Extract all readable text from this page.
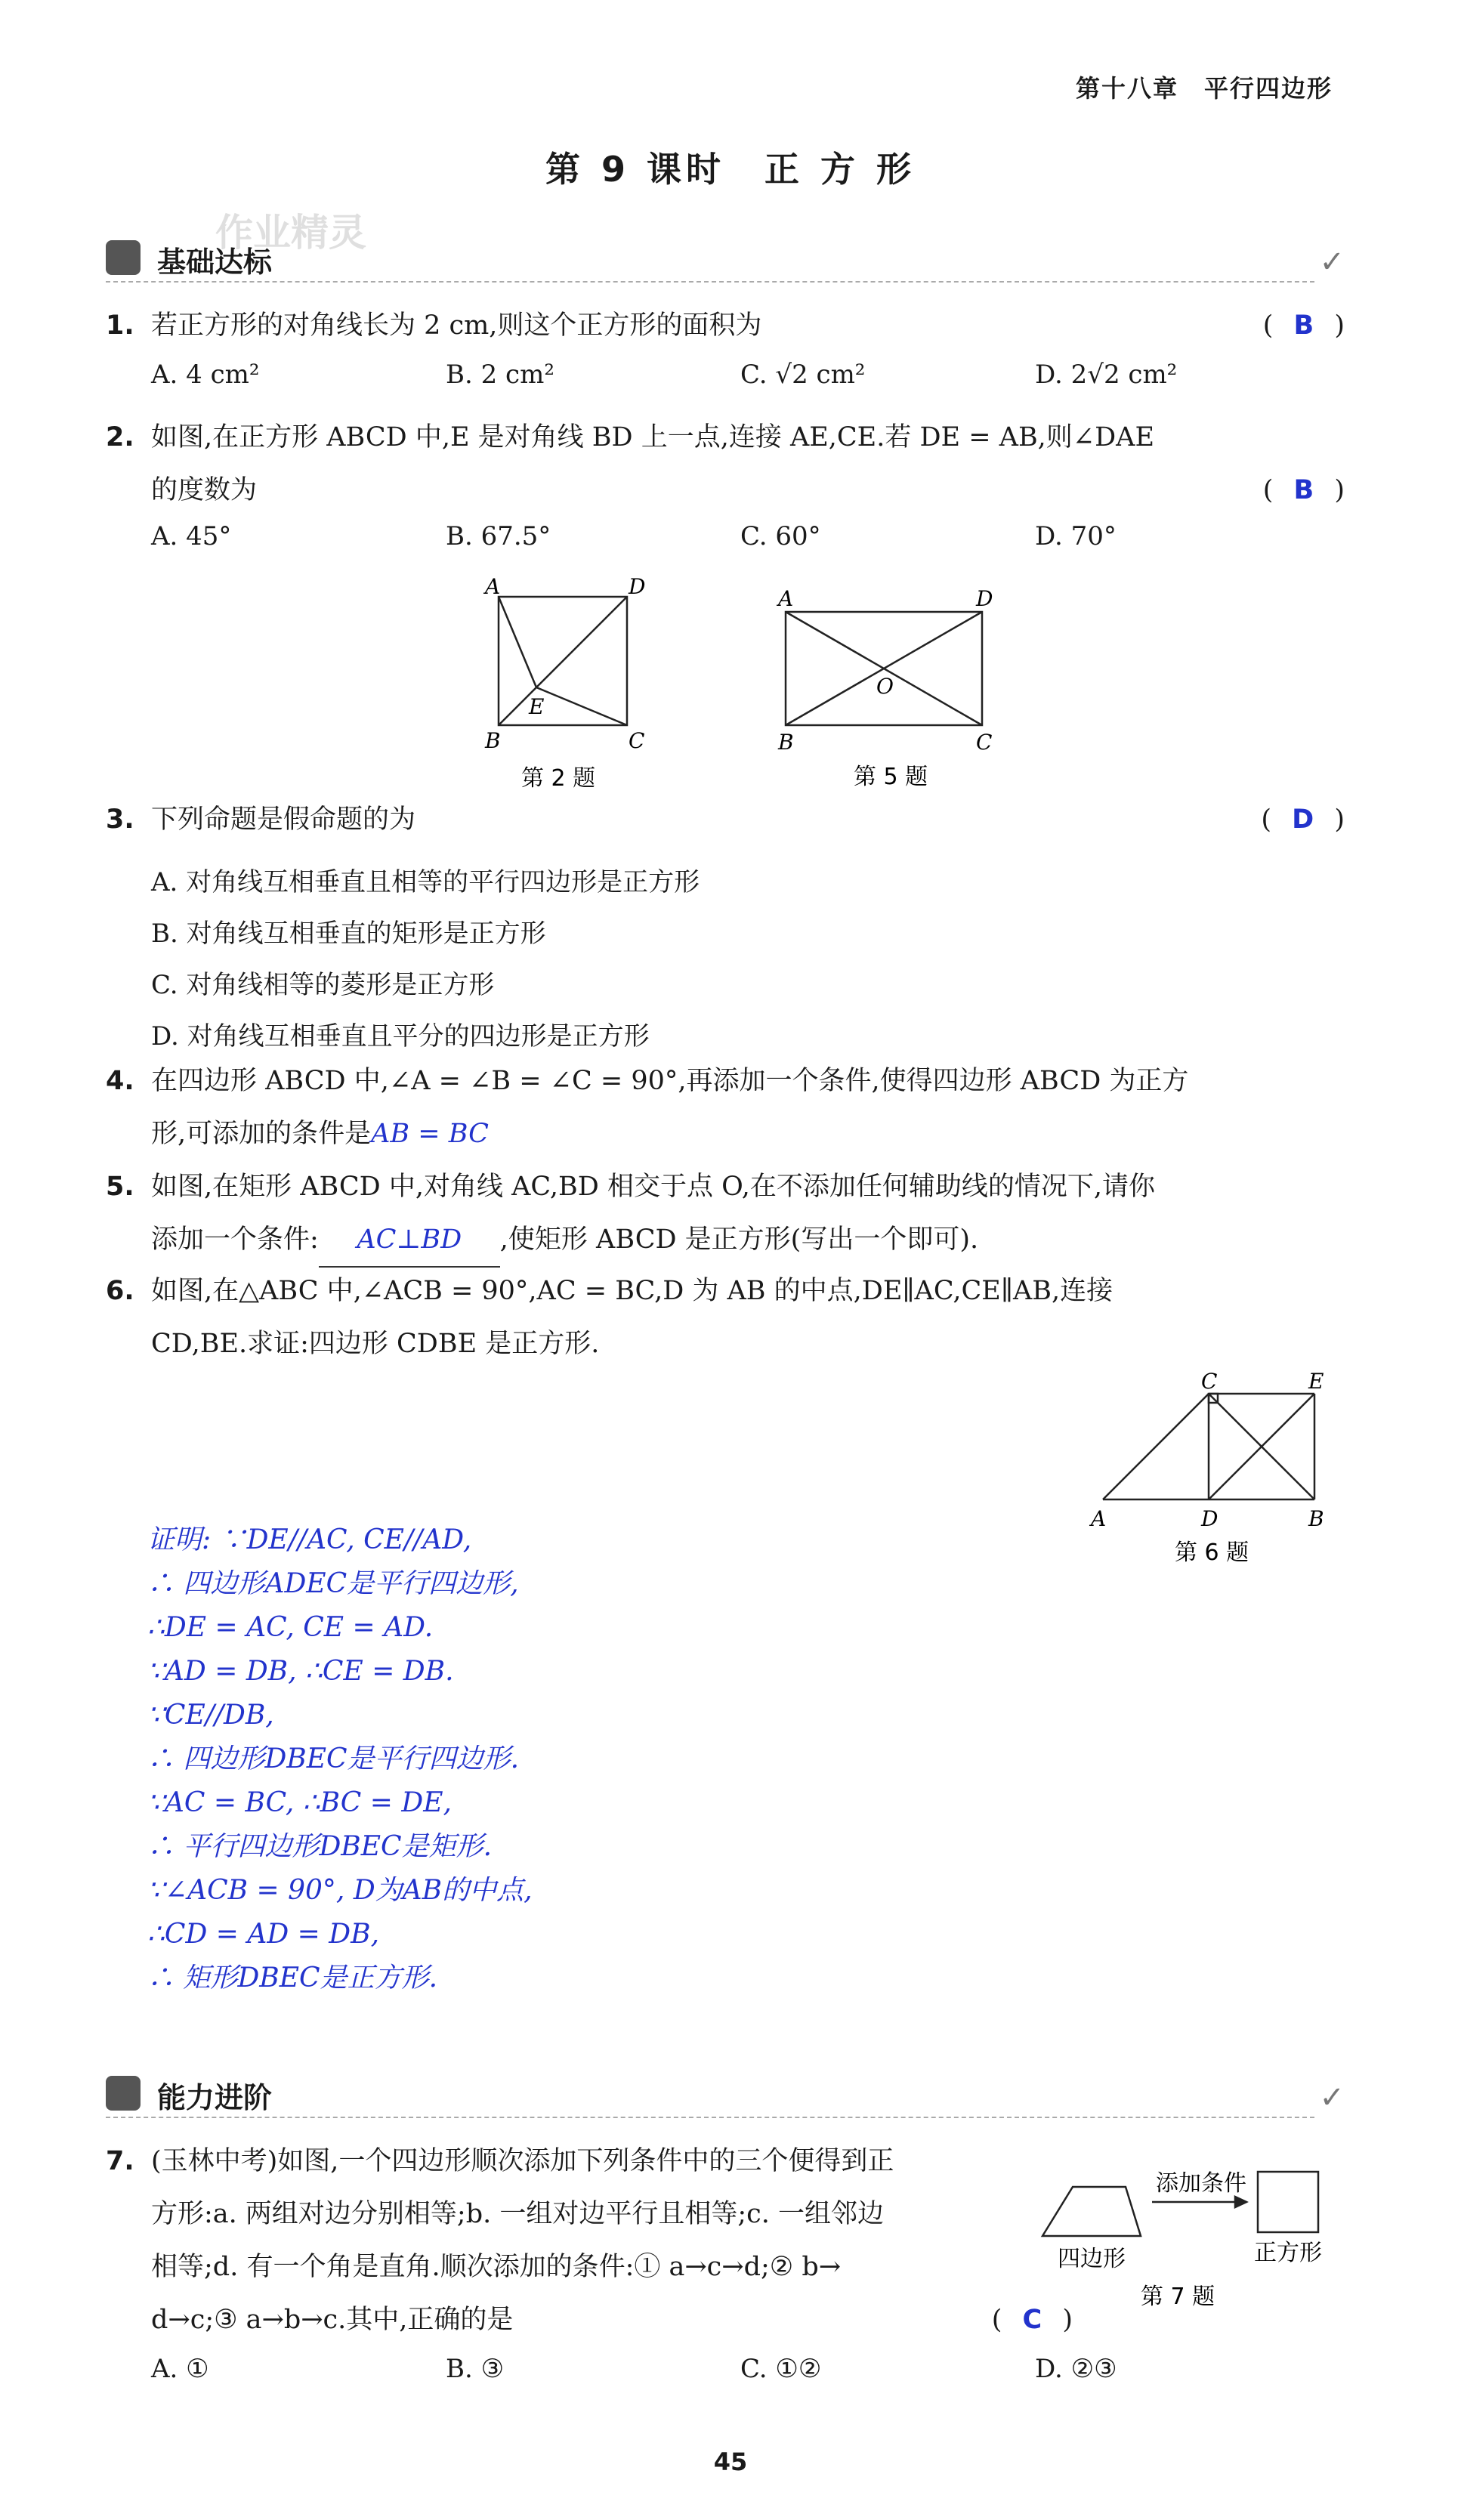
第十八章　平行四边形
第 9 课时　正 方 形
作业精灵
基础达标	✓
1. 若正方形的对角线长为 2 cm,则这个正方形的面积为	( B )
A. 4 cm²	B. 2 cm²	C. √2 cm²	D. 2√2 cm²
2. 如图,在正方形 ABCD 中,E 是对角线 BD 上一点,连接 AE,CE.若 DE = AB,则∠DAE
的度数为	( B )
A. 45°	B. 67.5°	C. 60°	D. 70°
A	D
B	C
E
第 2 题
A	D
B	C
O
第 5 题
3. 下列命题是假命题的为	( D )
A. 对角线互相垂直且相等的平行四边形是正方形
B. 对角线互相垂直的矩形是正方形
C. 对角线相等的菱形是正方形
D. 对角线互相垂直且平分的四边形是正方形
4. 在四边形 ABCD 中,∠A = ∠B = ∠C = 90°,再添加一个条件,使得四边形 ABCD 为正方
形,可添加的条件是AB = BC
5. 如图,在矩形 ABCD 中,对角线 AC,BD 相交于点 O,在不添加任何辅助线的情况下,请你
添加一个条件: AC⊥BD ,使矩形 ABCD 是正方形(写出一个即可).
6. 如图,在△ABC 中,∠ACB = 90°,AC = BC,D 为 AB 的中点,DE∥AC,CE∥AB,连接
CD,BE.求证:四边形 CDBE 是正方形.
A	D	B
C	E
第 6 题
证明: ∵DE//AC, CE//AD,
∴ 四边形ADEC是平行四边形,
∴DE = AC, CE = AD.
∵AD = DB, ∴CE = DB.
∵CE//DB,
∴ 四边形DBEC是平行四边形.
∵AC = BC, ∴BC = DE,
∴ 平行四边形DBEC是矩形.
∵∠ACB = 90°, D为AB的中点,
∴CD = AD = DB,
∴ 矩形DBEC是正方形.
能力进阶	✓
7. (玉林中考)如图,一个四边形顺次添加下列条件中的三个便得到正
方形:a. 两组对边分别相等;b. 一组对边平行且相等;c. 一组邻边
相等;d. 有一个角是直角.顺次添加的条件:① a→c→d;② b→
d→c;③ a→b→c.其中,正确的是	( C )
A. ①	B. ③	C. ①②	D. ②③
四边形
添加条件
正方形
第 7 题
45
